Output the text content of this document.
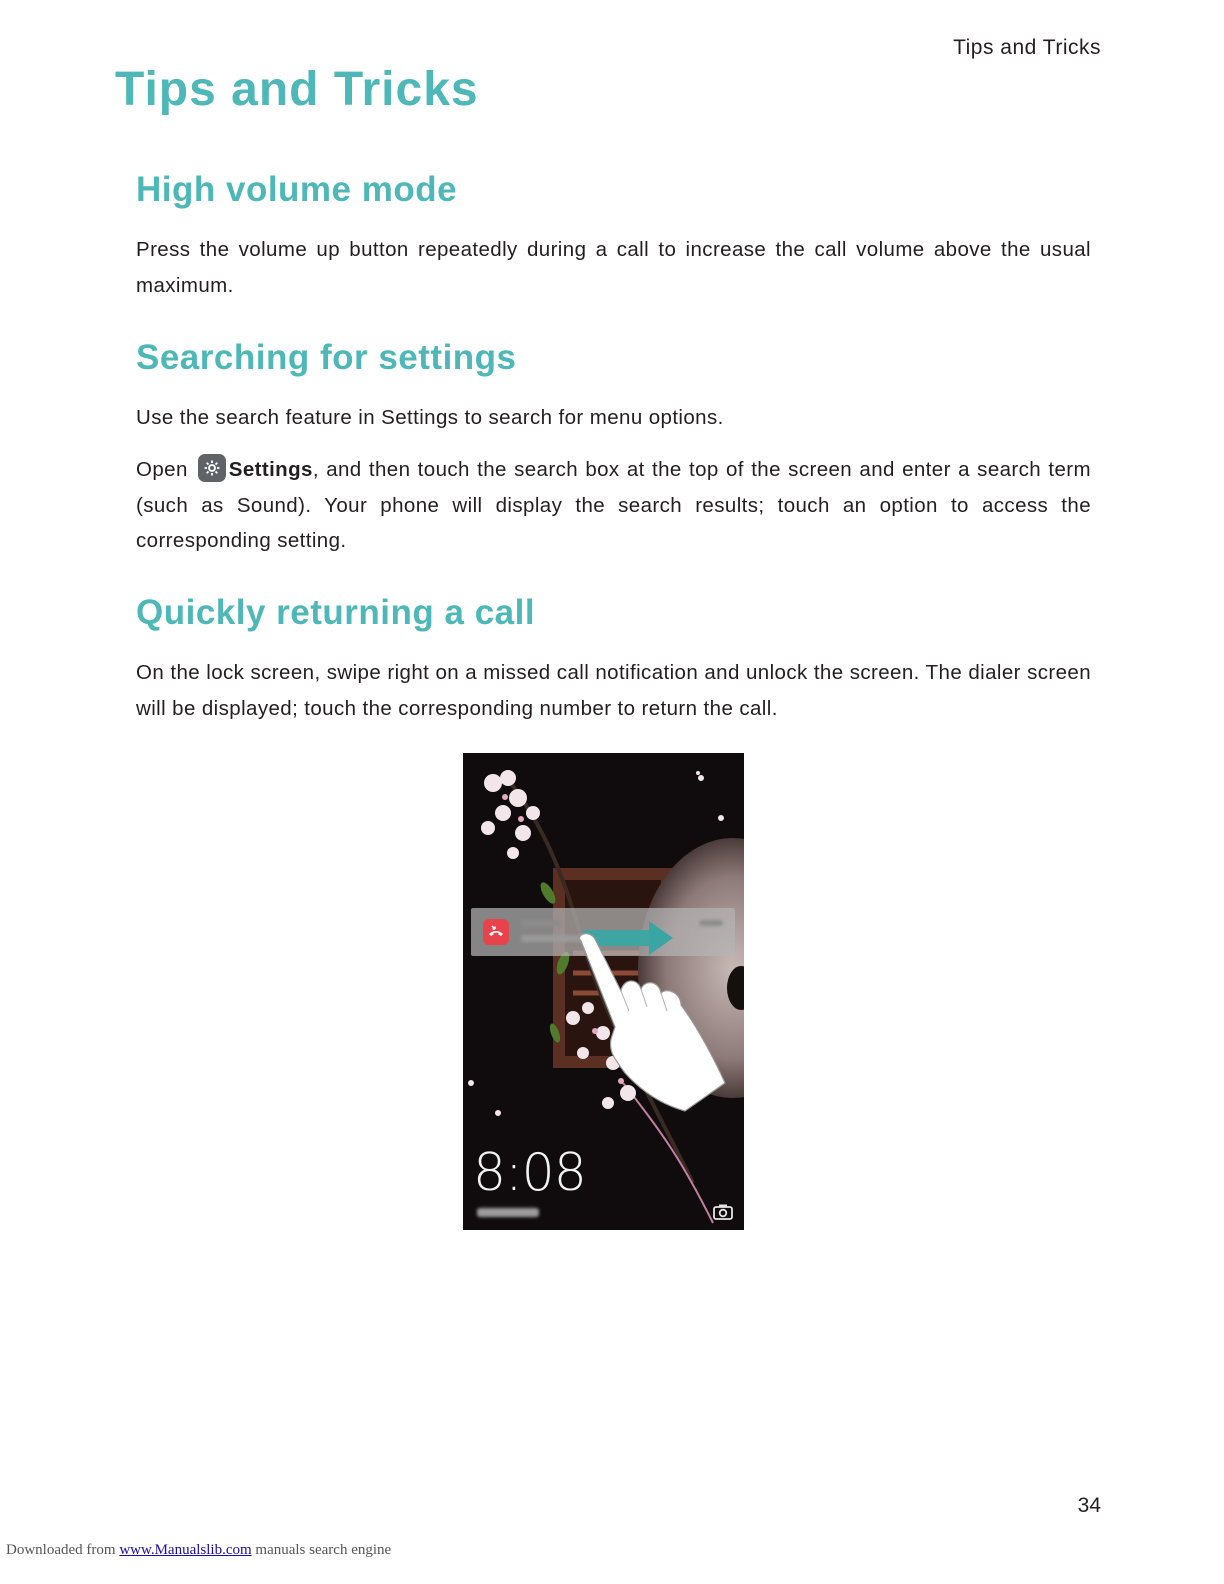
Tips and Tricks
Tips and Tricks
High volume mode

Press the volume up button repeatedly during a call to increase the call volume above the usual maximum.

Searching for settings

Use the search feature in Settings to search for menu options.

Open Settings, and then touch the search box at the top of the screen and enter a search term (such as Sound). Your phone will display the search results; touch an option to access the corresponding setting.

Quickly returning a call

On the lock screen, swipe right on a missed call notification and unlock the screen. The dialer screen will be displayed; touch the corresponding number to return the call.

8:08
34
Downloaded from www.Manualslib.com manuals search engine
